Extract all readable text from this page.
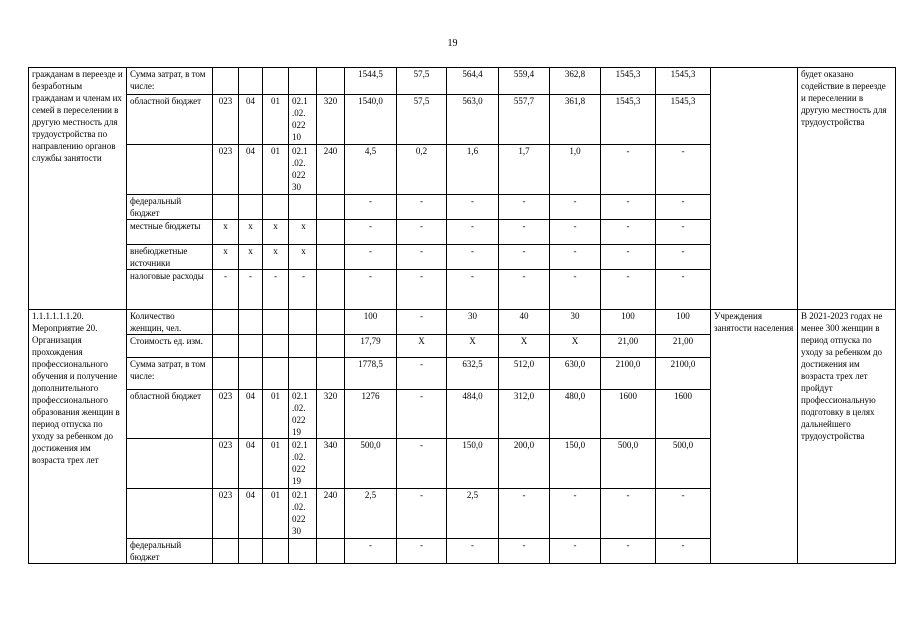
19
гражданам в переезде и безработным гражданам и членам их семей в переселении в другую местность для трудоустройства по направлению органов службы занятости	Сумма затрат, в том числе:						1544,5	57,5	564,4	559,4	362,8	1545,3	1545,3		будет оказано содействие в переезде и переселении в другую местность для трудоустройства
	областной бюджет	023	04	01	02.1
.02.
022
10	320	1540,0	57,5	563,0	557,7	361,8	1545,3	1545,3		
		023	04	01	02.1
.02.
022
30	240	4,5	0,2	1,6	1,7	1,0	-	-		
	федеральный бюджет						-	-	-	-	-	-	-		
	местные бюджеты	х	х	х	х		-	-	-	-	-	-	-		
	внебюджетные источники	х	х	х	х		-	-	-	-	-	-	-		
	налоговые расходы	-	-	-	-		-	-	-	-	-	-	-		
1.1.1.1.1.1.20. Мероприятие 20. Организация прохождения профессионального обучения и получение дополнительного профессионального образования женщин в период отпуска по уходу за ребенком до достижения им возраста трех лет	Количество женщин, чел.						100	-	30	40	30	100	100	Учреждения занятости населения	В 2021-2023 годах не менее 300 женщин в период отпуска по уходу за ребенком до достижения им возраста трех лет пройдут профессиональную подготовку в целях дальнейшего трудоустройства
	Стоимость ед. изм.						17,79	Х	Х	Х	Х	21,00	21,00		
	Сумма затрат, в том числе:						1778,5	-	632,5	512,0	630,0	2100,0	2100,0		
	областной бюджет	023	04	01	02.1
.02.
022
19	320	1276	-	484,0	312,0	480,0	1600	1600		
		023	04	01	02.1
.02.
022
19	340	500,0	-	150,0	200,0	150,0	500,0	500,0		
		023	04	01	02.1
.02.
022
30	240	2,5	-	2,5	-	-	-	-		
	федеральный бюджет						-	-	-	-	-	-	-		
